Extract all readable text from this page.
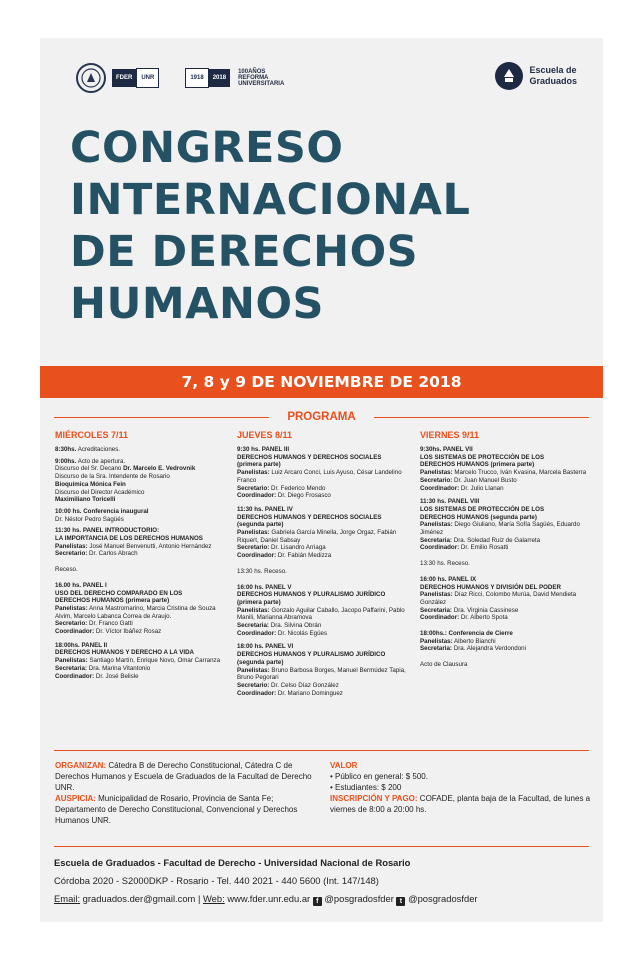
FDER	UNR	1918	2018
100AÑOS
REFORMA
UNIVERSITARIA
Escuela de
Graduados
CONGRESO
INTERNACIONAL
DE DERECHOS
HUMANOS
7, 8 y 9 DE NOVIEMBRE DE 2018
PROGRAMA
MIÉRCOLES 7/11
8:30hs. Acreditaciones.
9:00hs. Acto de apertura.
Discurso del Sr. Decano Dr. Marcelo E. Vedrovnik
Discurso de la Sra. Intendente de Rosario
Bioquímica Mónica Fein
Discurso del Director Académico
Maximiliano Toricelli
10:00 hs. Conferencia inaugural
Dr. Néstor Pedro Sagüés
11:30 hs. PANEL INTRODUCTORIO:
LA IMPORTANCIA DE LOS DERECHOS HUMANOS
Panelistas: José Manuel Benvenutti, Antonio Hernández
Secretario: Dr. Carlos Abrach
Receso.
16.00 hs. PANEL I
USO DEL DERECHO COMPARADO EN LOS
DERECHOS HUMANOS (primera parte)
Panelistas: Anna Mastromarino, Marcia Cristina de Souza Alvim, Marcelo Labanca Correa de Araujo.
Secretario: Dr. Franco Gatti
Coordinador: Dr. Víctor Ibáñez Rosaz
18:00hs. PANEL II
DERECHOS HUMANOS Y DERECHO A LA VIDA
Panelistas: Santiago Martín, Enrique Novo, Omar Carranza
Secretaria: Dra. Marina Vitantonio
Coordinador: Dr. José Belisle
JUEVES 8/11
9:30 hs. PANEL III
DERECHOS HUMANOS Y DERECHOS SOCIALES
(primera parte)
Panelistas: Luiz Arcaro Conci, Luis Ayuso, César Landelino Franco
Secretario: Dr. Federico Mendo
Coordinador: Dr. Diego Frosasco
11:30 hs. PANEL IV
DERECHOS HUMANOS Y DERECHOS SOCIALES
(segunda parte)
Panelistas: Gabriela García Minella, Jorge Orgaz, Fabián Riquert, Daniel Sabsay
Secretario: Dr. Lisandro Arriaga
Coordinador: Dr. Fabián Medizza
13:30 hs. Receso.
16:00 hs. PANEL V
DERECHOS HUMANOS Y PLURALISMO JURÍDICO
(primera parte)
Panelistas: Gonzalo Aguilar Caballo, Jacopo Paffarini, Pablo Manili, Marianna Abramova
Secretaria: Dra. Silvina Obrán
Coordinador: Dr. Nicolás Egües
18:00 hs. PANEL VI
DERECHOS HUMANOS Y PLURALISMO JURÍDICO
(segunda parte)
Panelistas: Bruno Barbosa Borges, Manuel Bermúdez Tapia, Bruno Pegorari
Secretario: Dr. Celso Díaz González
Coordinador: Dr. Mariano Dominguez
VIERNES 9/11
9:30hs. PANEL VII
LOS SISTEMAS DE PROTECCIÓN DE LOS
DERECHOS HUMANOS (primera parte)
Panelistas: Marcelo Trucco, Iván Kvasina, Marcela Basterra
Secretario: Dr. Juan Manuel Busto
Coordinador: Dr. Julio Llanan
11:30 hs. PANEL VIII
LOS SISTEMAS DE PROTECCIÓN DE LOS
DERECHOS HUMANOS (segunda parte)
Panelistas: Diego Giuliano, María Sofía Sagüés, Eduardo Jiménez
Secretaria: Dra. Soledad Ruiz de Galarreta
Coordinador: Dr. Emilio Rosatti
13:30 hs. Receso.
16:00 hs. PANEL IX
DERECHOS HUMANOS Y DIVISIÓN DEL PODER
Panelistas: Díaz Ricci, Colombo Murúa, David Mendieta González
Secretaria: Dra. Virginia Cassinese
Coordinador: Dr. Alberto Spota
18:00hs.: Conferencia de Cierre
Panelistas: Alberto Bianchi
Secretaria: Dra. Alejandra Verdondoni
Acto de Clausura
ORGANIZAN: Cátedra B de Derecho Constitucional, Cátedra C de Derechos Humanos y Escuela de Graduados de la Facultad de Derecho UNR.
AUSPICIA: Municipalidad de Rosario, Provincia de Santa Fe; Departamento de Derecho Constitucional, Convencional y Derechos Humanos UNR.
VALOR
• Público en general: $ 500.
• Estudiantes: $ 200
INSCRIPCIÓN Y PAGO: COFADE, planta baja de la Facultad, de lunes a viernes de 8:00 a 20:00 hs.
Escuela de Graduados - Facultad de Derecho - Universidad Nacional de Rosario
Córdoba 2020 - S2000DKP - Rosario - Tel. 440 2021 - 440 5600 (Int. 147/148)
Email: graduados.der@gmail.com | Web: www.fder.unr.edu.ar f @posgradosfder t @posgradosfder
